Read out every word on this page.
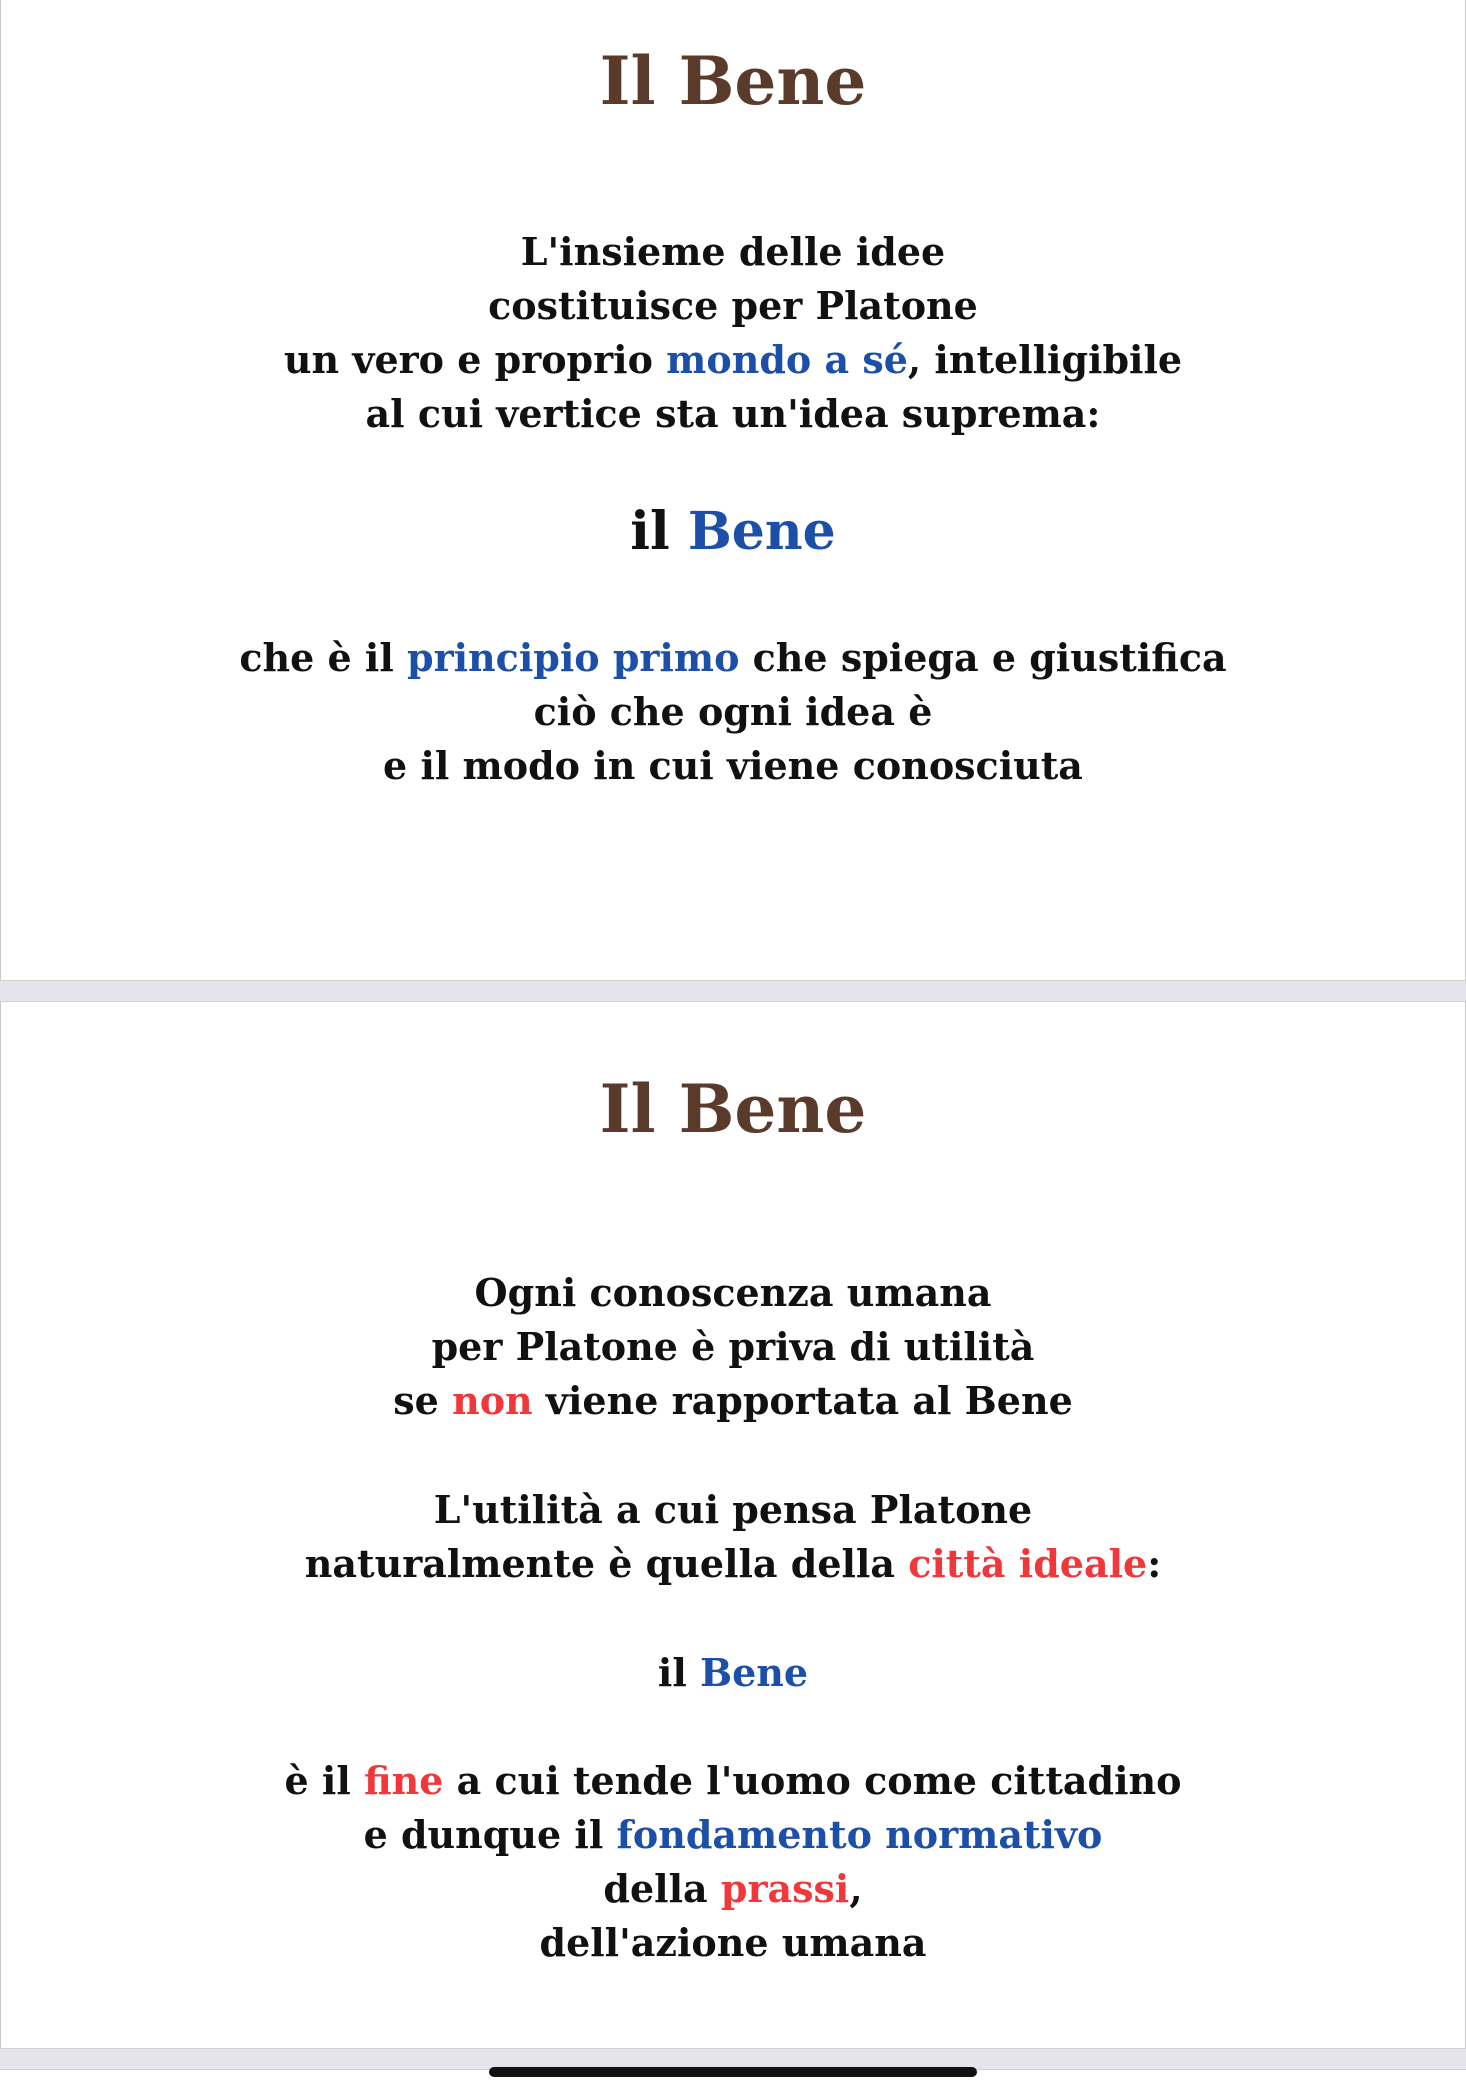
Il Bene
L'insieme delle idee
costituisce per Platone
un vero e proprio mondo a sé, intelligibile
al cui vertice sta un'idea suprema:
il Bene
che è il principio primo che spiega e giustifica
ciò che ogni idea è
e il modo in cui viene conosciuta
Il Bene
Ogni conoscenza umana
per Platone è priva di utilità
se non viene rapportata al Bene
L'utilità a cui pensa Platone
naturalmente è quella della città ideale:
il Bene
è il fine a cui tende l'uomo come cittadino
e dunque il fondamento normativo
della prassi,
dell'azione umana
